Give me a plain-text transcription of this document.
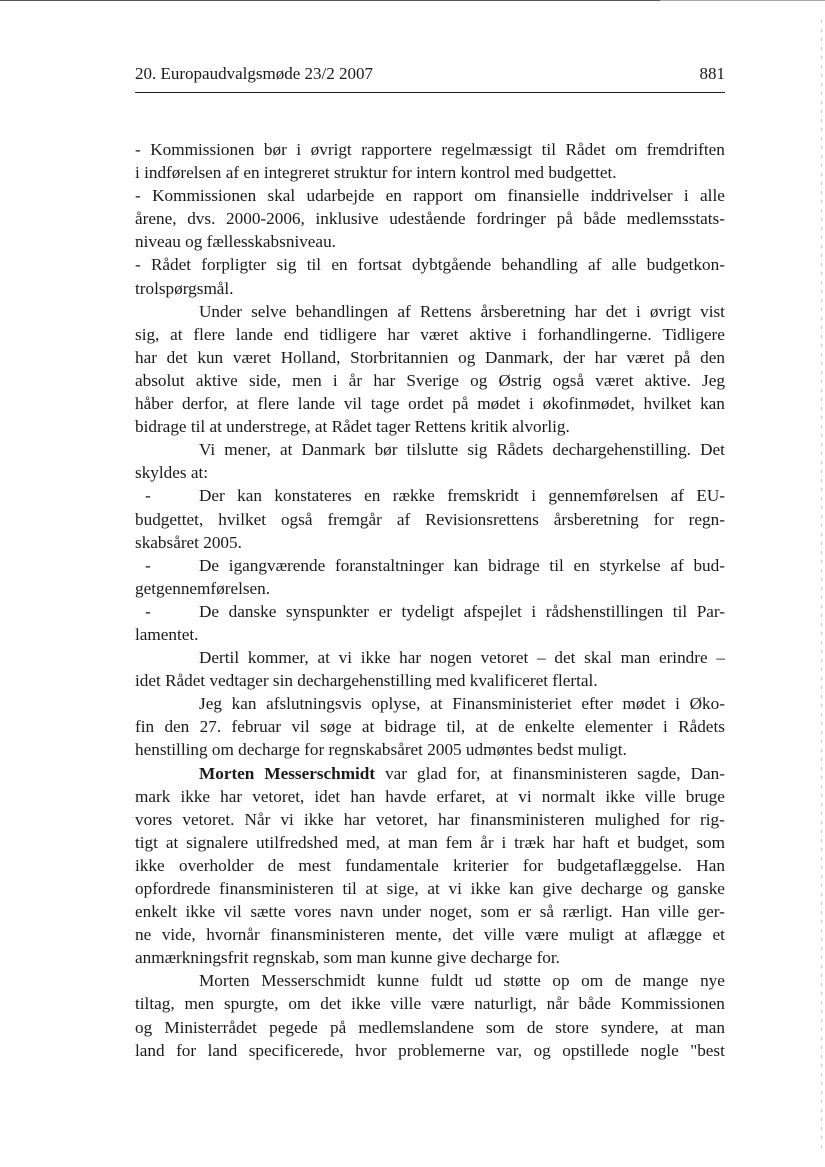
20. Europaudvalgsmøde 23/2 2007	881
- Kommissionen bør i øvrigt rapportere regelmæssigt til Rådet om fremdriften
i indførelsen af en integreret struktur for intern kontrol med budgettet.
- Kommissionen skal udarbejde en rapport om finansielle inddrivelser i alle
årene, dvs. 2000-2006, inklusive udestående fordringer på både medlemsstats-
niveau og fællesskabsniveau.
- Rådet forpligter sig til en fortsat dybtgående behandling af alle budgetkon-
trolspørgsmål.
Under selve behandlingen af Rettens årsberetning har det i øvrigt vist
sig, at flere lande end tidligere har været aktive i forhandlingerne. Tidligere
har det kun været Holland, Storbritannien og Danmark, der har været på den
absolut aktive side, men i år har Sverige og Østrig også været aktive. Jeg
håber derfor, at flere lande vil tage ordet på mødet i økofinmødet, hvilket kan
bidrage til at understrege, at Rådet tager Rettens kritik alvorlig.
Vi mener, at Danmark bør tilslutte sig Rådets dechargehenstilling. Det
skyldes at:
-	Der kan konstateres en række fremskridt i gennemførelsen af EU-
budgettet, hvilket også fremgår af Revisionsrettens årsberetning for regn-
skabsåret 2005.
-	De igangværende foranstaltninger kan bidrage til en styrkelse af bud-
getgennemførelsen.
-	De danske synspunkter er tydeligt afspejlet i rådshenstillingen til Par-
lamentet.
Dertil kommer, at vi ikke har nogen vetoret – det skal man erindre –
idet Rådet vedtager sin dechargehenstilling med kvalificeret flertal.
Jeg kan afslutningsvis oplyse, at Finansministeriet efter mødet i Øko-
fin den 27. februar vil søge at bidrage til, at de enkelte elementer i Rådets
henstilling om decharge for regnskabsåret 2005 udmøntes bedst muligt.
Morten Messerschmidt var glad for, at finansministeren sagde, Dan-
mark ikke har vetoret, idet han havde erfaret, at vi normalt ikke ville bruge
vores vetoret. Når vi ikke har vetoret, har finansministeren mulighed for rig-
tigt at signalere utilfredshed med, at man fem år i træk har haft et budget, som
ikke overholder de mest fundamentale kriterier for budgetaflæggelse. Han
opfordrede finansministeren til at sige, at vi ikke kan give decharge og ganske
enkelt ikke vil sætte vores navn under noget, som er så rærligt. Han ville ger-
ne vide, hvornår finansministeren mente, det ville være muligt at aflægge et
anmærkningsfrit regnskab, som man kunne give decharge for.
Morten Messerschmidt kunne fuldt ud støtte op om de mange nye
tiltag, men spurgte, om det ikke ville være naturligt, når både Kommissionen
og Ministerrådet pegede på medlemslandene som de store syndere, at man
land for land specificerede, hvor problemerne var, og opstillede nogle "best
